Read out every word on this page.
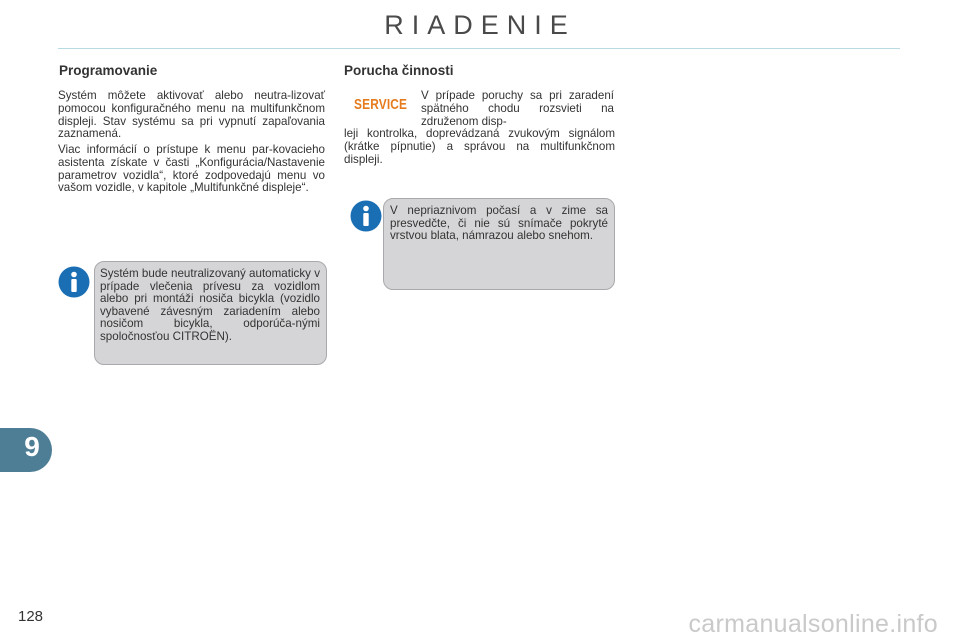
RIADENIE
Programovanie

Systém môžete aktivovať alebo neutra-lizovať pomocou konfiguračného menu na multifunkčnom displeji. Stav systému sa pri vypnutí zapaľovania zaznamená.

Viac informácií o prístupe k menu par-kovacieho asistenta získate v časti „Konfigurácia/Nastavenie parametrov vozidla“, ktoré zodpovedajú menu vo vašom vozidle, v kapitole „Multifunkčné displeje“.

Systém bude neutralizovaný automaticky v prípade vlečenia prívesu za vozidlom alebo pri montáži nosiča bicykla (vozidlo vybavené závesným zariadením alebo nosičom bicykla, odporúča-nými spoločnosťou CITROËN).

Porucha činnosti
SERVICE

V prípade poruchy sa pri zaradení spätného chodu rozsvieti na združenom disp-

leji kontrolka, doprevádzaná zvukovým signálom (krátke pípnutie) a správou na multifunkčnom displeji.

V nepriaznivom počasí a v zime sa presvedčte, či nie sú snímače pokryté vrstvou blata, námrazou alebo snehom.

9
128	carmanualsonline.info
